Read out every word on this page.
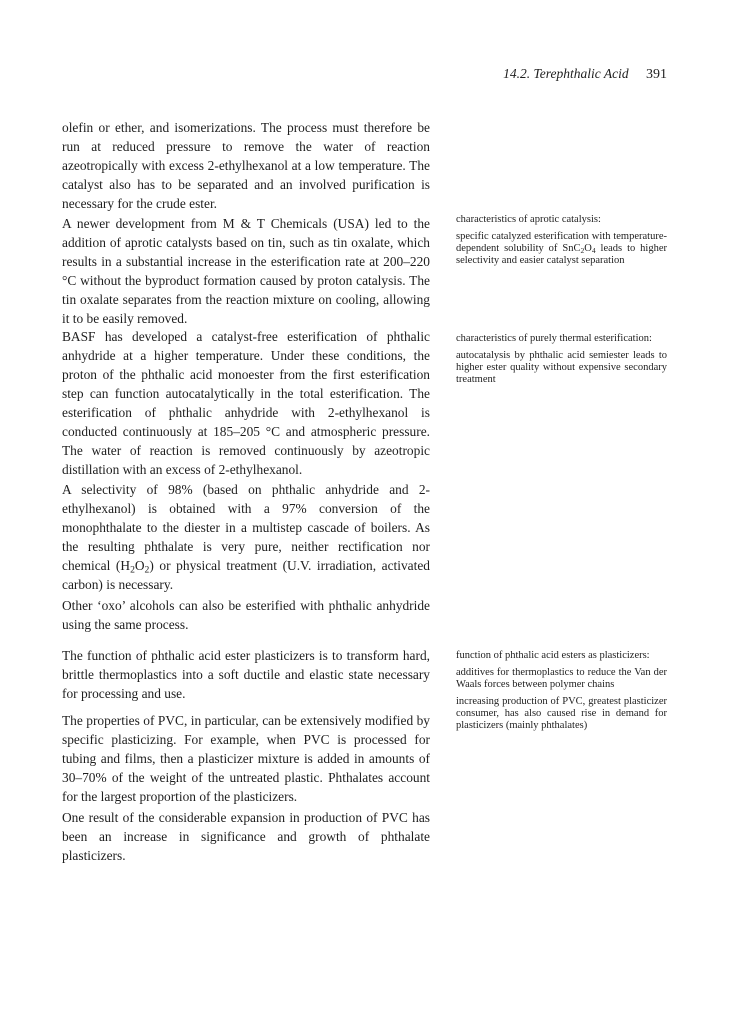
14.2. Terephthalic Acid 391

olefin or ether, and isomerizations. The process must therefore be run at reduced pressure to remove the water of reaction azeotropically with excess 2-ethylhexanol at a low temperature. The catalyst also has to be separated and an involved purification is necessary for the crude ester.

A newer development from M & T Chemicals (USA) led to the addition of aprotic catalysts based on tin, such as tin oxalate, which results in a substantial increase in the esterification rate at 200–220 °C without the byproduct formation caused by proton catalysis. The tin oxalate separates from the reaction mixture on cooling, allowing it to be easily removed.

BASF has developed a catalyst-free esterification of phthalic anhydride at a higher temperature. Under these conditions, the proton of the phthalic acid monoester from the first esterification step can function autocatalytically in the total esterification. The esterification of phthalic anhydride with 2-ethylhexanol is conducted continuously at 185–205 °C and atmospheric pressure. The water of reaction is removed continuously by azeotropic distillation with an excess of 2-ethylhexanol.

A selectivity of 98% (based on phthalic anhydride and 2-ethylhexanol) is obtained with a 97% conversion of the monophthalate to the diester in a multistep cascade of boilers. As the resulting phthalate is very pure, neither rectification nor chemical $(H_2O_2)$ or physical treatment (U.V. irradiation, activated carbon) is necessary.

Other ‘oxo’ alcohols can also be esterified with phthalic anhydride using the same process.

The function of phthalic acid ester plasticizers is to transform hard, brittle thermoplastics into a soft ductile and elastic state necessary for processing and use.

The properties of PVC, in particular, can be extensively modified by specific plasticizing. For example, when PVC is processed for tubing and films, then a plasticizer mixture is added in amounts of 30–70% of the weight of the untreated plastic. Phthalates account for the largest proportion of the plasticizers.

One result of the considerable expansion in production of PVC has been an increase in significance and growth of phthalate plasticizers.

characteristics of aprotic catalysis:

specific catalyzed esterification with temperature-dependent solubility of $SnC_2O_4$ leads to higher selectivity and easier catalyst separation

characteristics of purely thermal esterification:

autocatalysis by phthalic acid semiester leads to higher ester quality without expensive secondary treatment

function of phthalic acid esters as plasticizers:

additives for thermoplastics to reduce the Van der Waals forces between polymer chains

increasing production of PVC, greatest plasticizer consumer, has also caused rise in demand for plasticizers (mainly phthalates)
